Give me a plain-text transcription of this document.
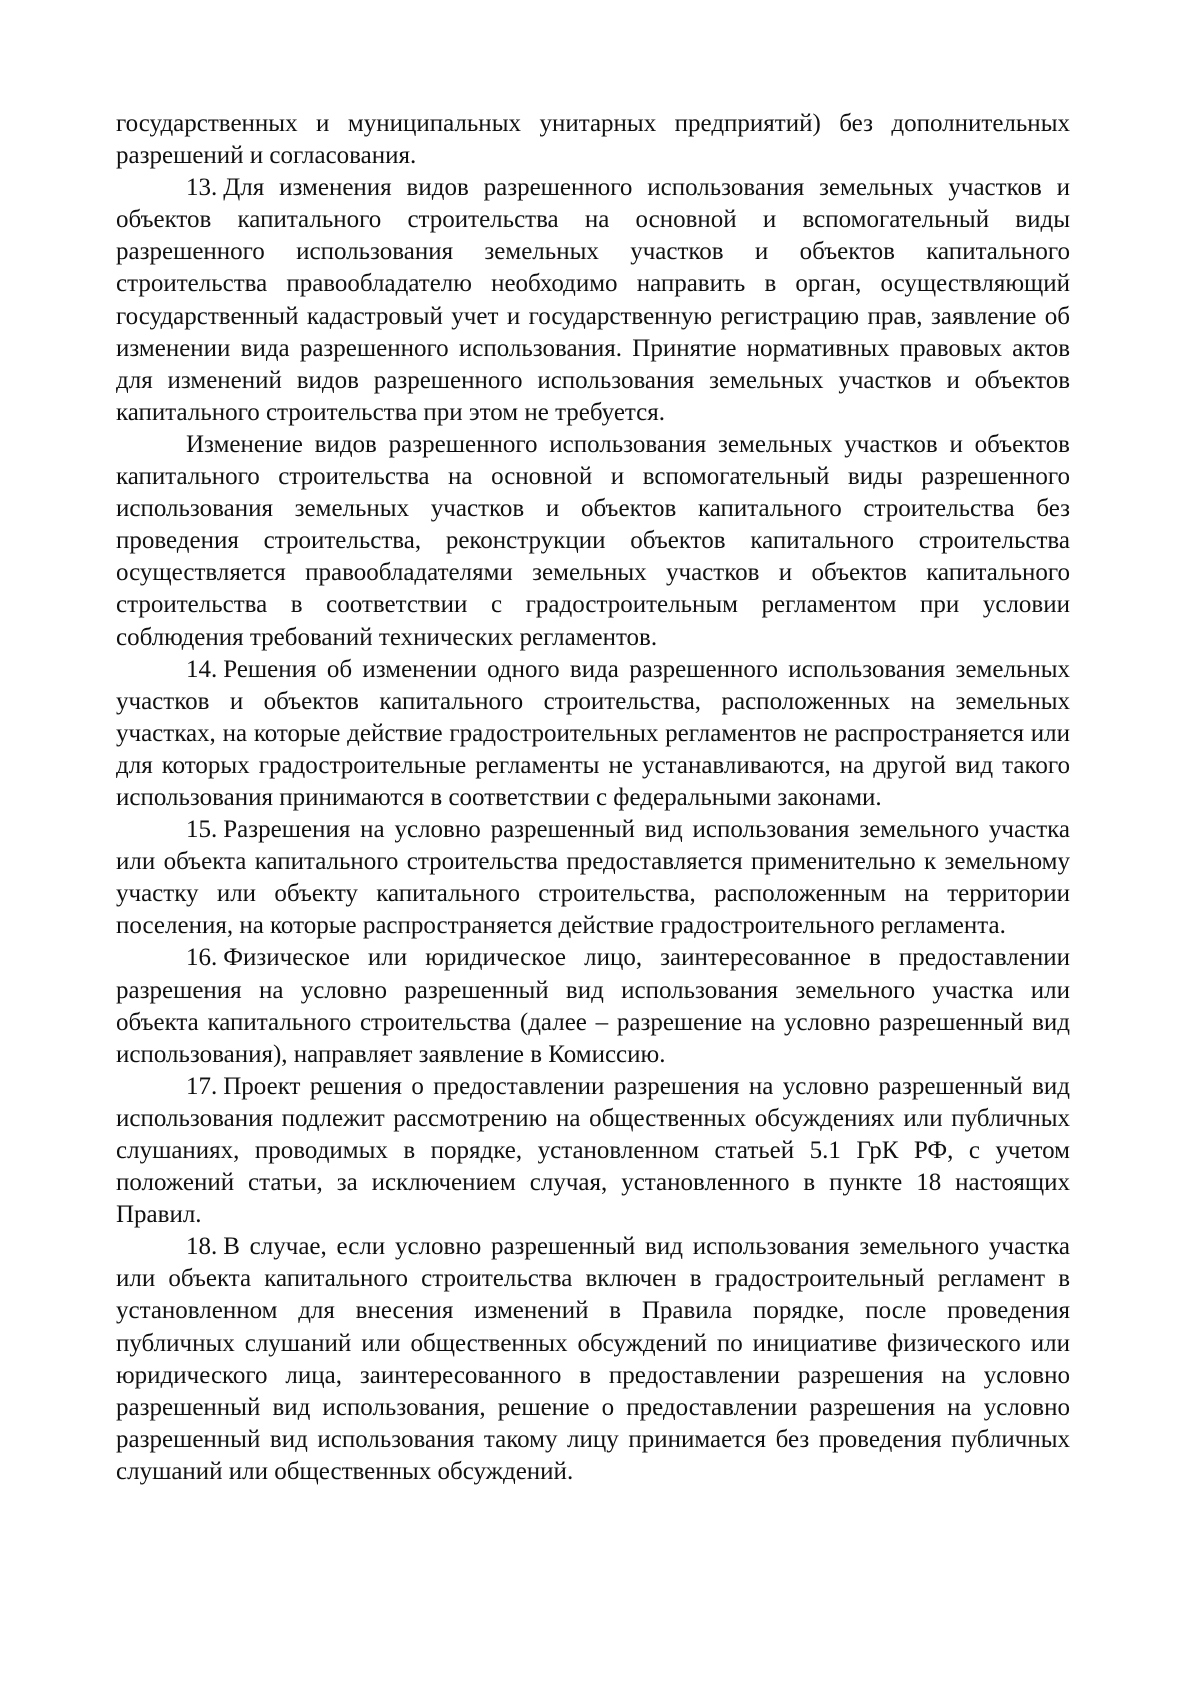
государственных и муниципальных унитарных предприятий) без дополнительных разрешений и согласования.

13. Для изменения видов разрешенного использования земельных участков и объектов капитального строительства на основной и вспомогательный виды разрешенного использования земельных участков и объектов капитального строительства правообладателю необходимо направить в орган, осуществляющий государственный кадастровый учет и государственную регистрацию прав, заявление об изменении вида разрешенного использования. Принятие нормативных правовых актов для изменений видов разрешенного использования земельных участков и объектов капитального строительства при этом не требуется.

Изменение видов разрешенного использования земельных участков и объектов капитального строительства на основной и вспомогательный виды разрешенного использования земельных участков и объектов капитального строительства без проведения строительства, реконструкции объектов капитального строительства осуществляется правообладателями земельных участков и объектов капитального строительства в соответствии с градостроительным регламентом при условии соблюдения требований технических регламентов.

14. Решения об изменении одного вида разрешенного использования земельных участков и объектов капитального строительства, расположенных на земельных участках, на которые действие градостроительных регламентов не распространяется или для которых градостроительные регламенты не устанавливаются, на другой вид такого использования принимаются в соответствии с федеральными законами.

15. Разрешения на условно разрешенный вид использования земельного участка или объекта капитального строительства предоставляется применительно к земельному участку или объекту капитального строительства, расположенным на территории поселения, на которые распространяется действие градостроительного регламента.

16. Физическое или юридическое лицо, заинтересованное в предоставлении разрешения на условно разрешенный вид использования земельного участка или объекта капитального строительства (далее – разрешение на условно разрешенный вид использования), направляет заявление в Комиссию.

17. Проект решения о предоставлении разрешения на условно разрешенный вид использования подлежит рассмотрению на общественных обсуждениях или публичных слушаниях, проводимых в порядке, установленном статьей 5.1 ГрК РФ, с учетом положений статьи, за исключением случая, установленного в пункте 18 настоящих Правил.

18. В случае, если условно разрешенный вид использования земельного участка или объекта капитального строительства включен в градостроительный регламент в установленном для внесения изменений в Правила порядке, после проведения публичных слушаний или общественных обсуждений по инициативе физического или юридического лица, заинтересованного в предоставлении разрешения на условно разрешенный вид использования, решение о предоставлении разрешения на условно разрешенный вид использования такому лицу принимается без проведения публичных слушаний или общественных обсуждений.
